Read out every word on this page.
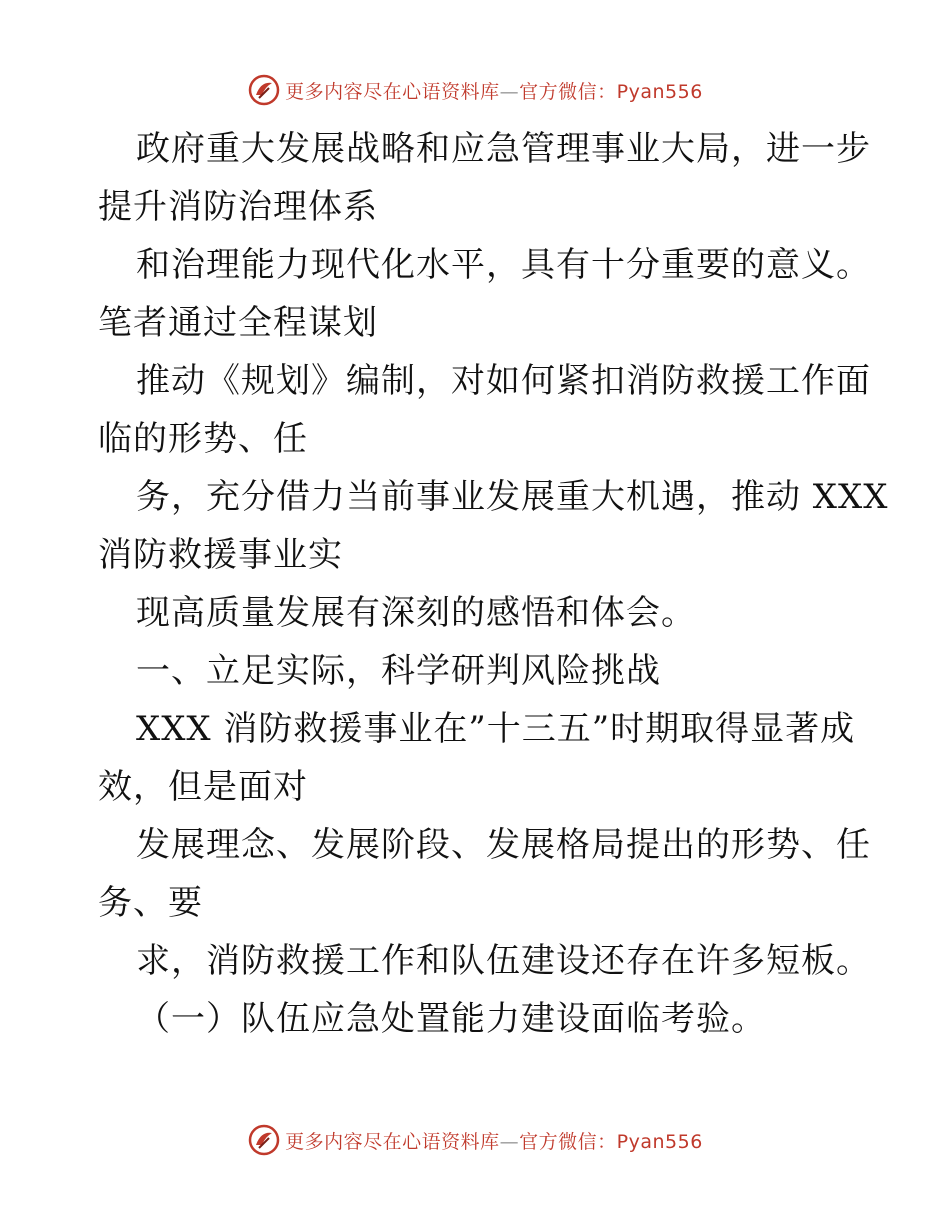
更多内容尽在心语资料库—官方微信：Pyan556
政府重大发展战略和应急管理事业大局，进一步
提升消防治理体系
和治理能力现代化水平，具有十分重要的意义。
笔者通过全程谋划
推动《规划》编制，对如何紧扣消防救援工作面
临的形势、任
务，充分借力当前事业发展重大机遇，推动 XXX
消防救援事业实
现高质量发展有深刻的感悟和体会。
一、立足实际，科学研判风险挑战
XXX 消防救援事业在”十三五”时期取得显著成
效，但是面对
发展理念、发展阶段、发展格局提出的形势、任
务、要
求，消防救援工作和队伍建设还存在许多短板。
（一）队伍应急处置能力建设面临考验。
更多内容尽在心语资料库—官方微信：Pyan556
